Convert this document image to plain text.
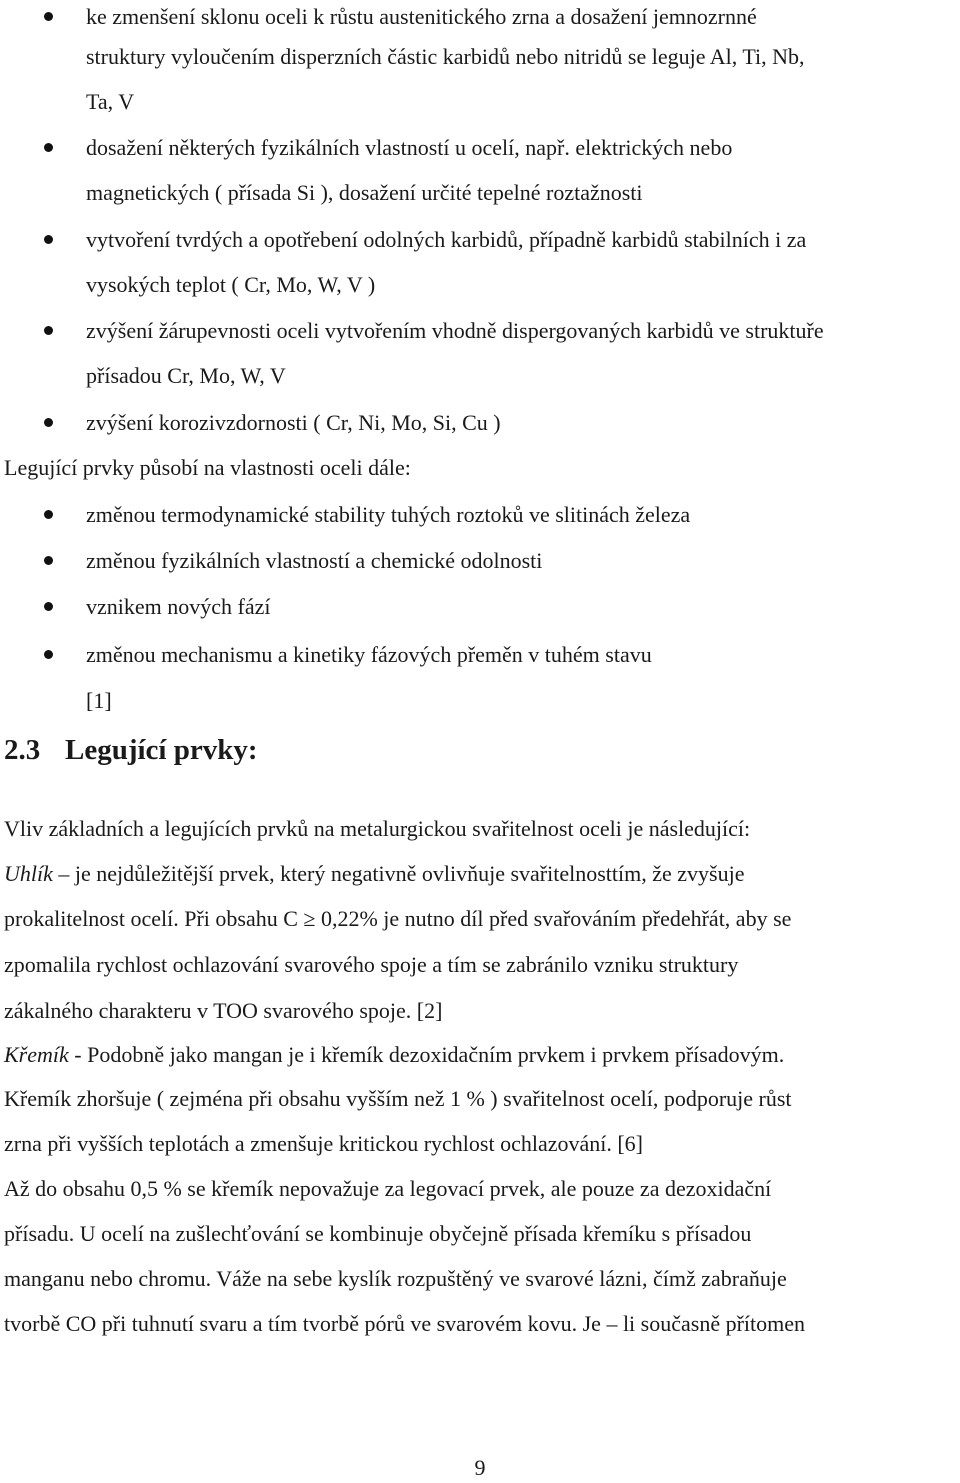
ke zmenšení sklonu oceli k růstu austenitického zrna a dosažení jemnozrnné
struktury vyloučením disperzních částic karbidů nebo nitridů se leguje Al, Ti, Nb,
Ta, V
dosažení některých fyzikálních vlastností u ocelí, např. elektrických nebo
magnetických ( přísada Si ), dosažení určité tepelné roztažnosti
vytvoření tvrdých a opotřebení odolných karbidů, případně karbidů stabilních i za
vysokých teplot ( Cr, Mo, W, V )
zvýšení žárupevnosti oceli vytvořením vhodně dispergovaných karbidů ve struktuře
přísadou Cr, Mo, W, V
zvýšení korozivzdornosti ( Cr, Ni, Mo, Si, Cu )
Legující prvky působí na vlastnosti oceli dále:
změnou termodynamické stability tuhých roztoků ve slitinách železa
změnou fyzikálních vlastností a chemické odolnosti
vznikem nových fází
změnou mechanismu a kinetiky fázových přeměn v tuhém stavu
[1]
2.3 Legující prvky:
Vliv základních a legujících prvků na metalurgickou svařitelnost oceli je následující:
Uhlík – je nejdůležitější prvek, který negativně ovlivňuje svařitelnosttím, že zvyšuje
prokalitelnost ocelí. Při obsahu C ≥ 0,22% je nutno díl před svařováním předehřát, aby se
zpomalila rychlost ochlazování svarového spoje a tím se zabránilo vzniku struktury
zákalného charakteru v TOO svarového spoje. [2]
Křemík - Podobně jako mangan je i křemík dezoxidačním prvkem i prvkem přísadovým.
Křemík zhoršuje ( zejména při obsahu vyšším než 1 % ) svařitelnost ocelí, podporuje růst
zrna při vyšších teplotách a zmenšuje kritickou rychlost ochlazování. [6]
Až do obsahu 0,5 % se křemík nepovažuje za legovací prvek, ale pouze za dezoxidační
přísadu. U ocelí na zušlechťování se kombinuje obyčejně přísada křemíku s přísadou
manganu nebo chromu. Váže na sebe kyslík rozpuštěný ve svarové lázni, čímž zabraňuje
tvorbě CO při tuhnutí svaru a tím tvorbě pórů ve svarovém kovu. Je – li současně přítomen
9
